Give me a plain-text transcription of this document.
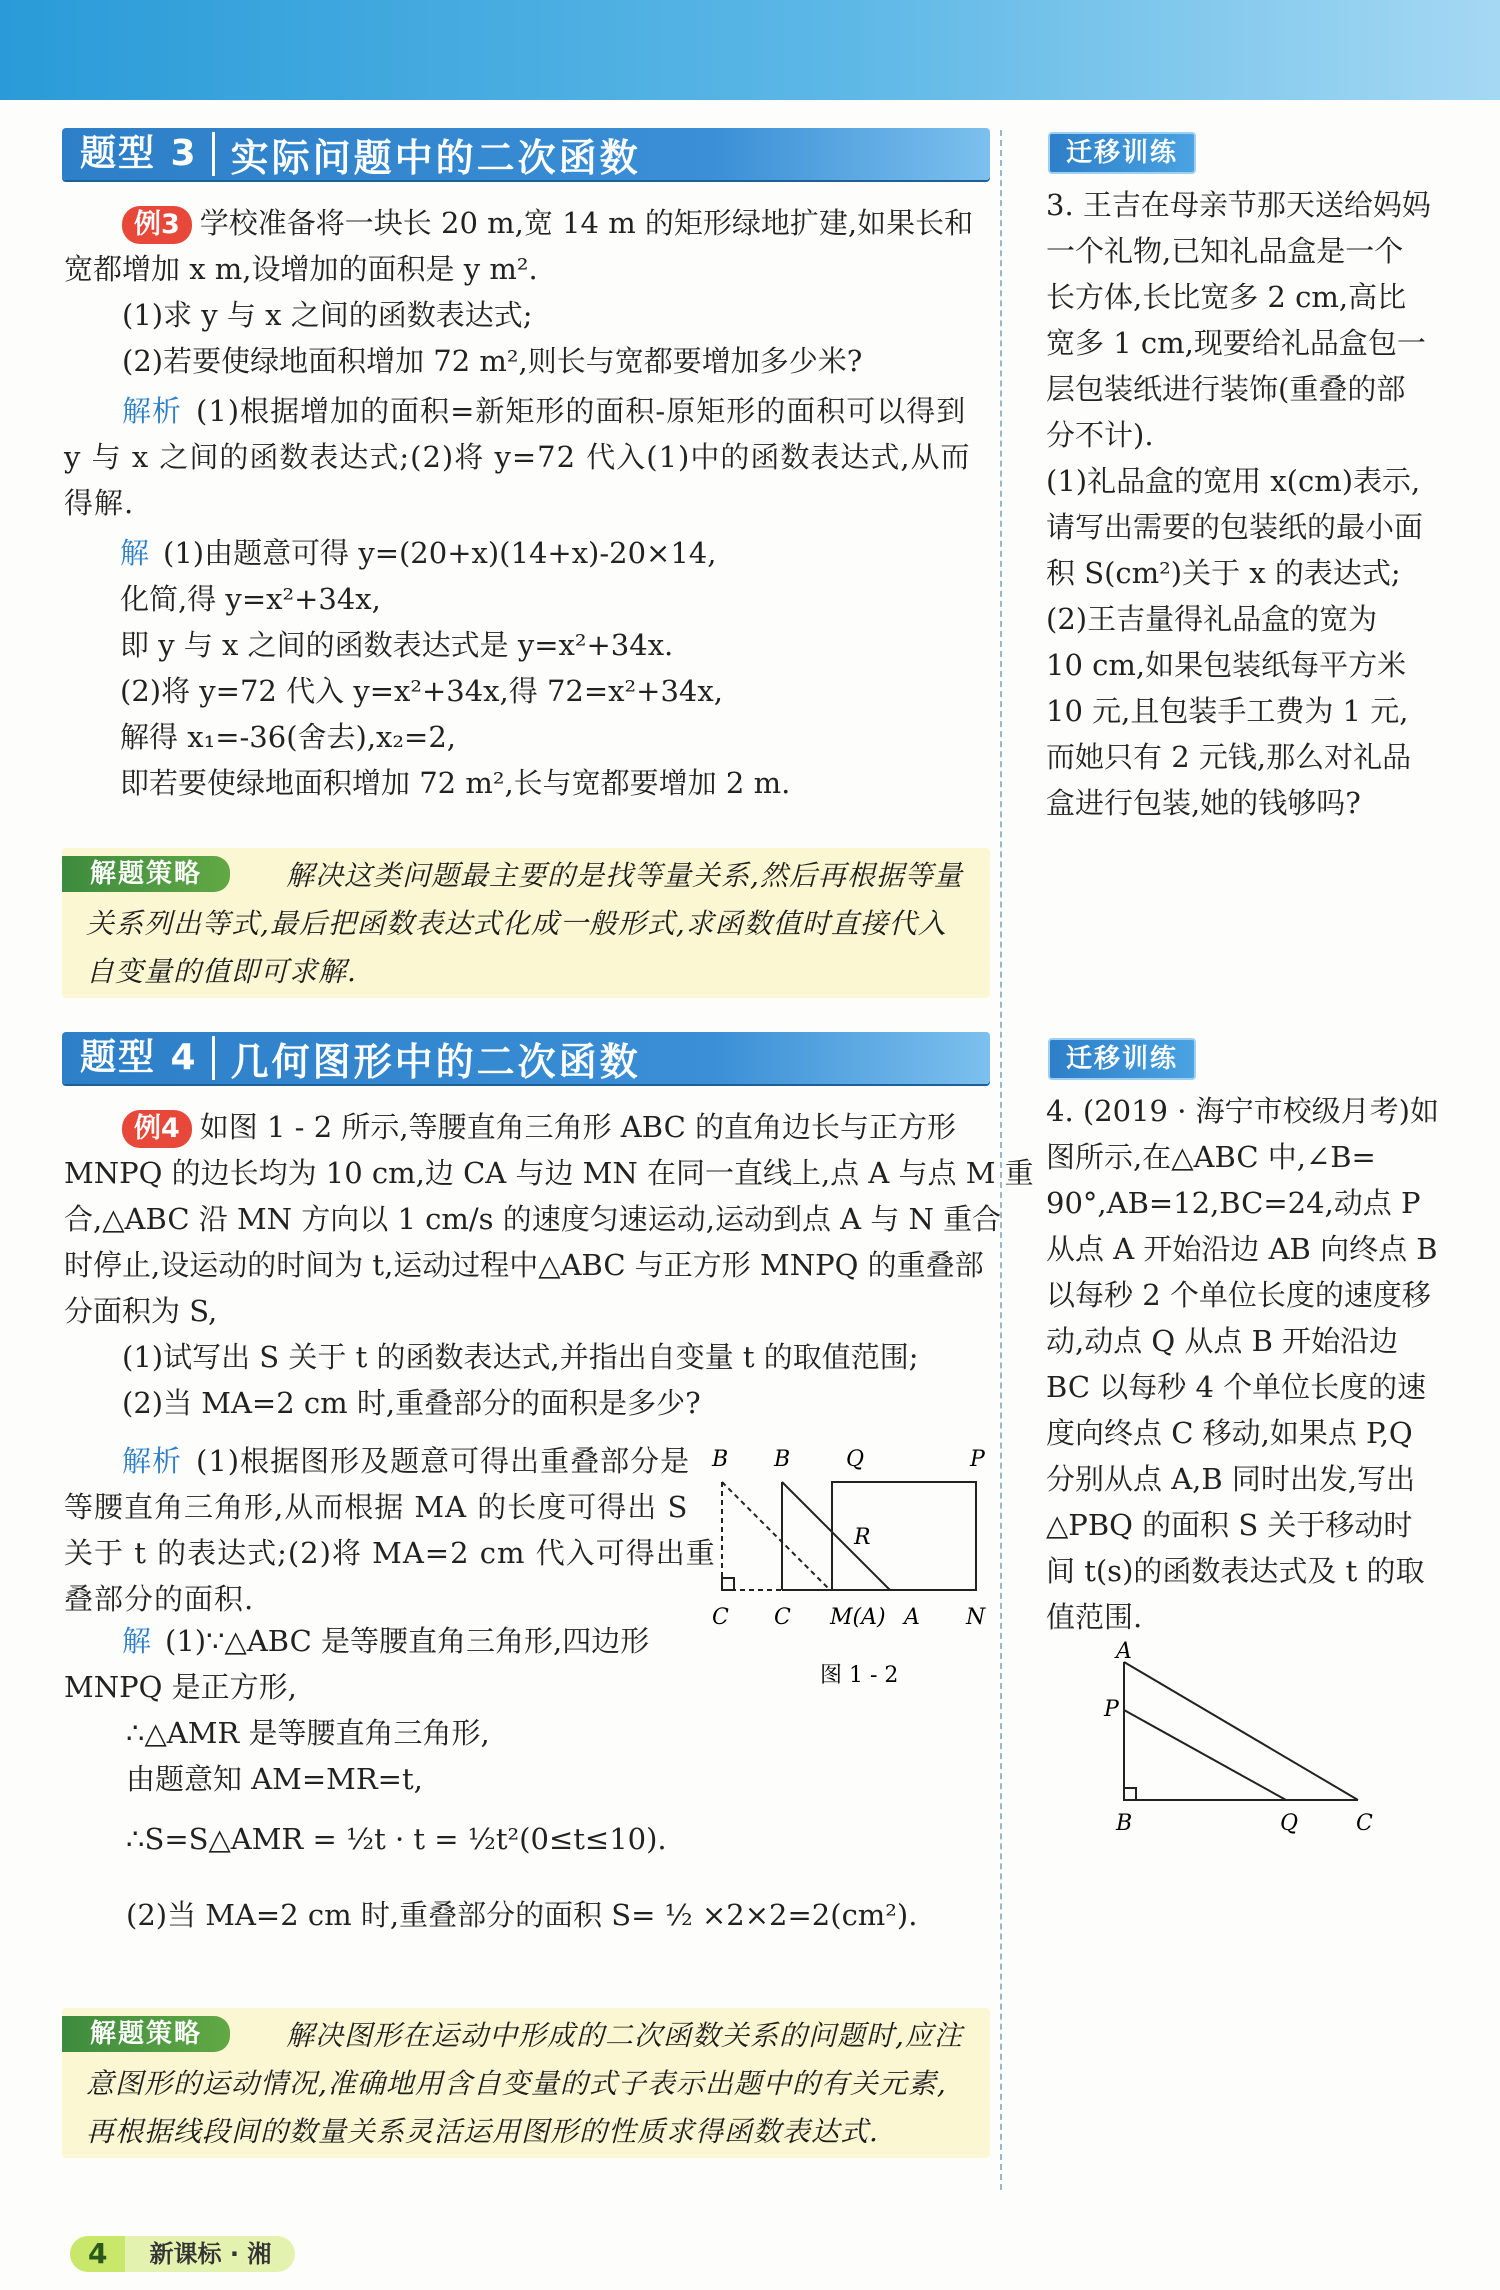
题型 3 实际问题中的二次函数
例3 学校准备将一块长 20 m,宽 14 m 的矩形绿地扩建,如果长和
宽都增加 x m,设增加的面积是 y m².
(1)求 y 与 x 之间的函数表达式;
(2)若要使绿地面积增加 72 m²,则长与宽都要增加多少米?
解析 (1)根据增加的面积=新矩形的面积-原矩形的面积可以得到
y 与 x 之间的函数表达式;(2)将 y=72 代入(1)中的函数表达式,从而
得解.
解 (1)由题意可得 y=(20+x)(14+x)-20×14,
化简,得 y=x²+34x,
即 y 与 x 之间的函数表达式是 y=x²+34x.
(2)将 y=72 代入 y=x²+34x,得 72=x²+34x,
解得 x₁=-36(舍去),x₂=2,
即若要使绿地面积增加 72 m²,长与宽都要增加 2 m.
解题策略	解决这类问题最主要的是找等量关系,然后再根据等量关系列出等式,最后把函数表达式化成一般形式,求函数值时直接代入自变量的值即可求解.
题型 4 几何图形中的二次函数
例4 如图 1 - 2 所示,等腰直角三角形 ABC 的直角边长与正方形
MNPQ 的边长均为 10 cm,边 CA 与边 MN 在同一直线上,点 A 与点 M 重
合,△ABC 沿 MN 方向以 1 cm/s 的速度匀速运动,运动到点 A 与 N 重合
时停止,设运动的时间为 t,运动过程中△ABC 与正方形 MNPQ 的重叠部
分面积为 S,
(1)试写出 S 关于 t 的函数表达式,并指出自变量 t 的取值范围;
(2)当 MA=2 cm 时,重叠部分的面积是多少?
解析 (1)根据图形及题意可得出重叠部分是
等腰直角三角形,从而根据 MA 的长度可得出 S
关于 t 的表达式;(2)将 MA=2 cm 代入可得出重
叠部分的面积.
解 (1)∵△ABC 是等腰直角三角形,四边形
MNPQ 是正方形,
∴△AMR 是等腰直角三角形,
由题意知 AM=MR=t,
∴S=S△AMR = ½t · t = ½t²(0≤t≤10).
(2)当 MA=2 cm 时,重叠部分的面积 S= ½ ×2×2=2(cm²).
B B	Q	P
R
C C M(A) A N
图 1 - 2
解题策略	解决图形在运动中形成的二次函数关系的问题时,应注意图形的运动情况,准确地用含自变量的式子表示出题中的有关元素,再根据线段间的数量关系灵活运用图形的性质求得函数表达式.
迁移训练
3. 王吉在母亲节那天送给妈妈
一个礼物,已知礼品盒是一个
长方体,长比宽多 2 cm,高比
宽多 1 cm,现要给礼品盒包一
层包装纸进行装饰(重叠的部
分不计).
(1)礼品盒的宽用 x(cm)表示,
请写出需要的包装纸的最小面
积 S(cm²)关于 x 的表达式;
(2)王吉量得礼品盒的宽为
10 cm,如果包装纸每平方米
10 元,且包装手工费为 1 元,
而她只有 2 元钱,那么对礼品
盒进行包装,她的钱够吗?
迁移训练
4. (2019 · 海宁市校级月考)如
图所示,在△ABC 中,∠B=
90°,AB=12,BC=24,动点 P
从点 A 开始沿边 AB 向终点 B
以每秒 2 个单位长度的速度移
动,动点 Q 从点 B 开始沿边
BC 以每秒 4 个单位长度的速
度向终点 C 移动,如果点 P,Q
分别从点 A,B 同时出发,写出
△PBQ 的面积 S 关于移动时
间 t(s)的函数表达式及 t 的取
值范围.
A
P
B	Q	C
4	新课标 · 湘
